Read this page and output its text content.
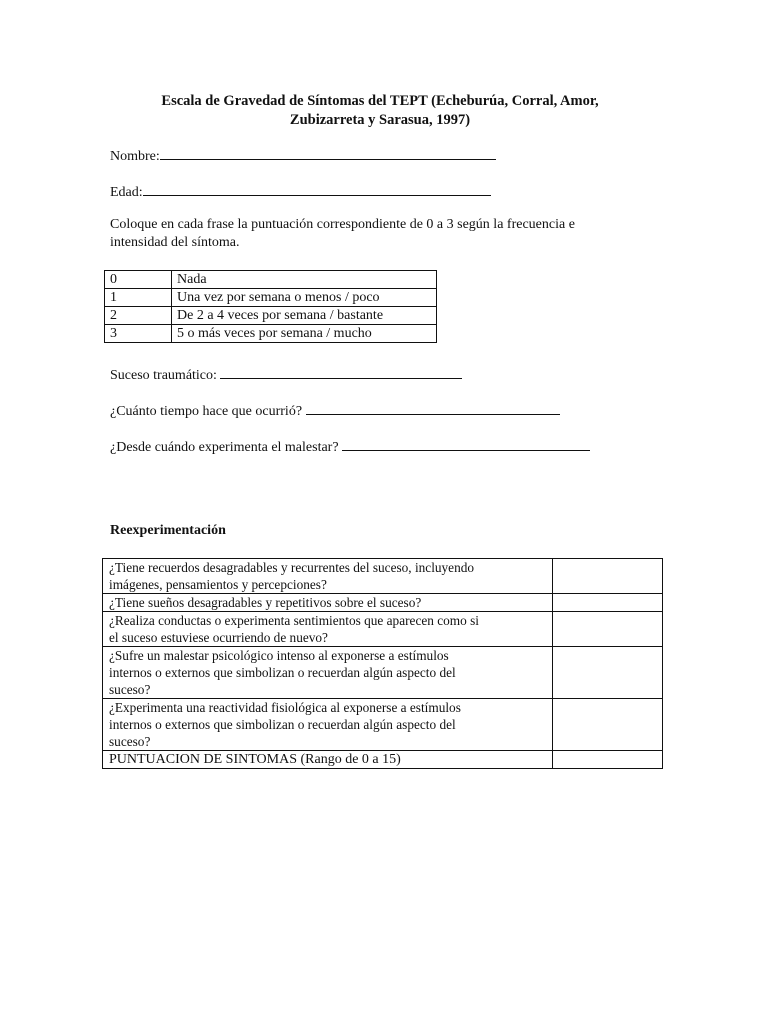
Escala de Gravedad de Síntomas del TEPT (Echeburúa, Corral, Amor,
Zubizarreta y Sarasua, 1997)
Nombre:
Edad:
Coloque en cada frase la puntuación correspondiente de 0 a 3 según la frecuencia e
intensidad del síntoma.
0	Nada
1	Una vez por semana o menos / poco
2	De 2 a 4 veces por semana / bastante
3	5 o más veces por semana / mucho
Suceso traumático:
¿Cuánto tiempo hace que ocurrió?
¿Desde cuándo experimenta el malestar?
Reexperimentación
¿Tiene recuerdos desagradables y recurrentes del suceso, incluyendo
imágenes, pensamientos y percepciones?	

¿Tiene sueños desagradables y repetitivos sobre el suceso?	

¿Realiza conductas o experimenta sentimientos que aparecen como si
el suceso estuviese ocurriendo de nuevo?	

¿Sufre un malestar psicológico intenso al exponerse a estímulos
internos o externos que simbolizan o recuerdan algún aspecto del
suceso?	

¿Experimenta una reactividad fisiológica al exponerse a estímulos
internos o externos que simbolizan o recuerdan algún aspecto del
suceso?	

PUNTUACION DE SINTOMAS (Rango de 0 a 15)	
